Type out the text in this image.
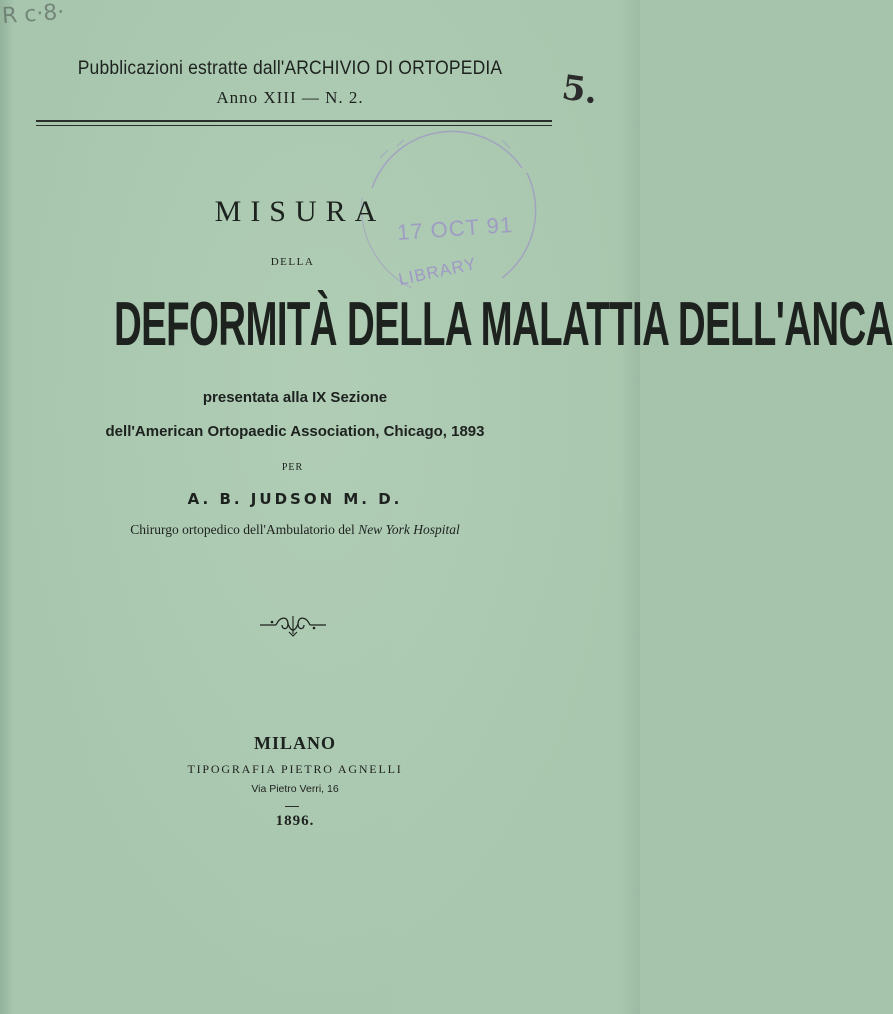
R c·8·
5.
17 OCT 91
LIBRARY
Pubblicazioni estratte dall'ARCHIVIO DI ORTOPEDIA
Anno XIII — N. 2.
MISURA
DELLA
DEFORMITÀ DELLA MALATTIA DELL'ANCA
presentata alla IX Sezione
dell'American Ortopaedic Association, Chicago, 1893
PER
A. B. JUDSON M. D.
Chirurgo ortopedico dell'Ambulatorio del New York Hospital
MILANO
TIPOGRAFIA PIETRO AGNELLI
Via Pietro Verri, 16
1896.
